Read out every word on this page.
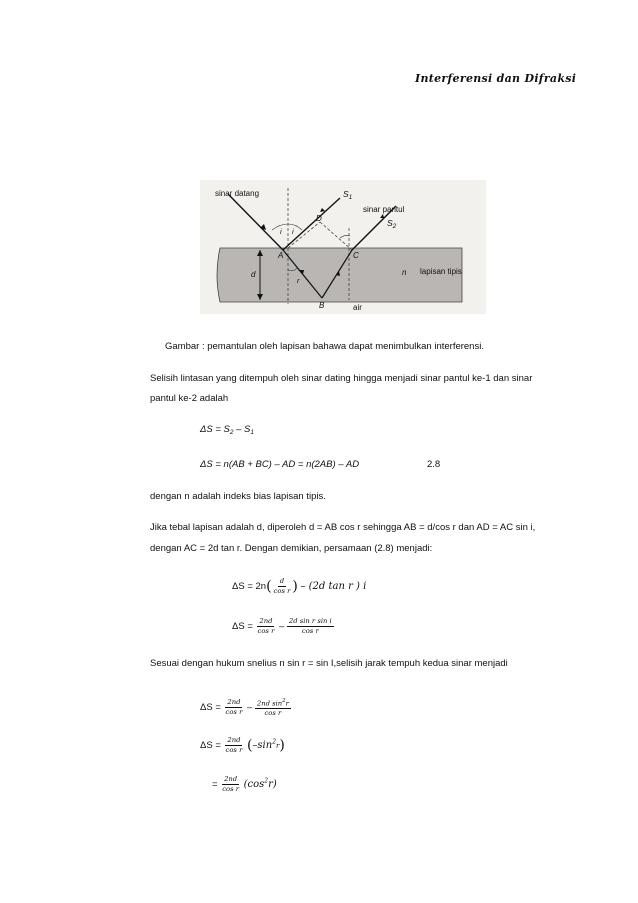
Interferensi dan Difraksi
sinar datang	$S_1$
sinar pantul
$S_2$
D
i i
A	C
B
r
d	n lapisan tipis
air
Gambar : pemantulan oleh lapisan bahawa dapat menimbulkan interferensi.
Selisih lintasan yang ditempuh oleh sinar dating hingga menjadi sinar pantul ke-1 dan sinar
pantul ke-2 adalah
$\Delta S = S_2 - S_1$
ΔS = n(AB + BC) – AD = n(2AB) – AD	2.8
dengan n adalah indeks bias lapisan tipis.
Jika tebal lapisan adalah d, diperoleh d = AB cos r sehingga AB = d/cos r dan AD = AC sin i,
dengan AC = 2d tan r. Dengan demikian, persamaan (2.8) menjadi:
$\Delta S = 2n( \frac{d}{\text{cos r}}$ ) – (2d tan r ) i
$\Delta S = \frac{2nd}{\text{cos r}} - \frac{\text{2d sin r sin i}}{\text{cos r}}$
Sesuai dengan hukum snelius n sin r = sin I,selisih jarak tempuh kedua sinar menjadi
$\Delta S = \frac{2nd}{\text{cos r}} - \frac{2nd \sin^2r}{\text{cos r}}$
$\Delta S = \frac{2nd}{\text{cos r}} (-\sin^2r)$
= $\frac{2nd}{\text{cos r}} (\cos^2r)$
